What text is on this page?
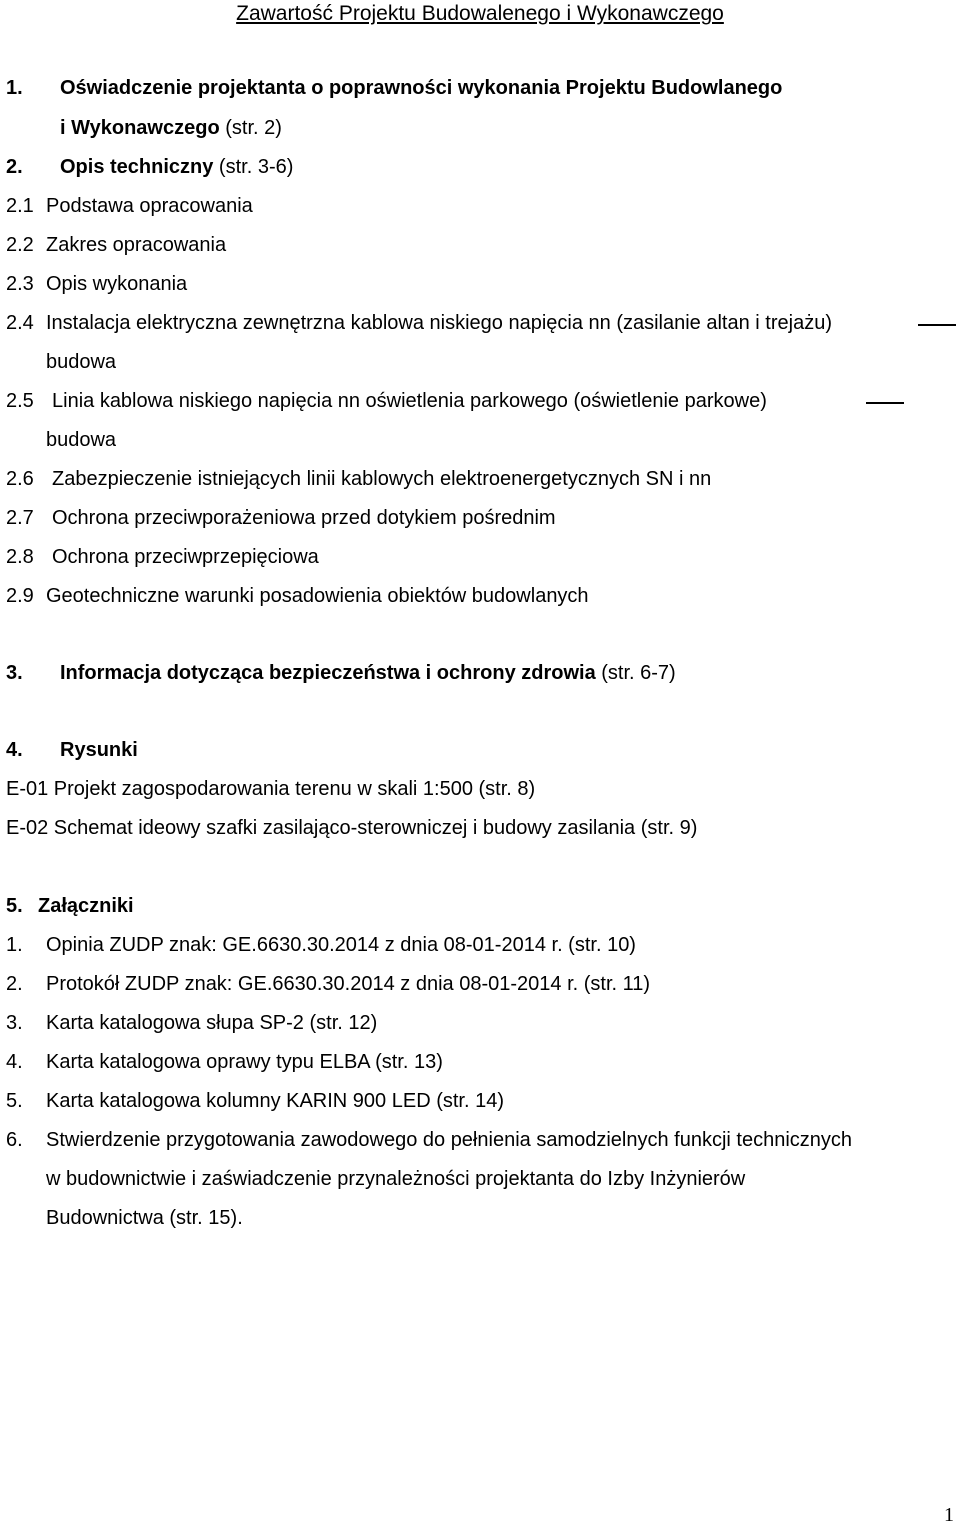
Zawartość Projektu Budowalenego i Wykonawczego
1. Oświadczenie projektanta o poprawności wykonania Projektu Budowlanego
i Wykonawczego (str. 2)
2. Opis techniczny (str. 3-6)
2.1 Podstawa opracowania
2.2 Zakres opracowania
2.3 Opis wykonania
2.4 Instalacja elektryczna zewnętrzna kablowa niskiego napięcia nn (zasilanie altan i trejażu)
budowa
2.5 Linia kablowa niskiego napięcia nn oświetlenia parkowego (oświetlenie parkowe)
budowa
2.6 Zabezpieczenie istniejących linii kablowych elektroenergetycznych SN i nn
2.7 Ochrona przeciwporażeniowa przed dotykiem pośrednim
2.8 Ochrona przeciwprzepięciowa
2.9 Geotechniczne warunki posadowienia obiektów budowlanych
3. Informacja dotycząca bezpieczeństwa i ochrony zdrowia (str. 6-7)
4. Rysunki
E-01 Projekt zagospodarowania terenu w skali 1:500 (str. 8)
E-02 Schemat ideowy szafki zasilająco-sterowniczej i budowy zasilania (str. 9)
5. Załączniki
1. Opinia ZUDP znak: GE.6630.30.2014 z dnia 08-01-2014 r. (str. 10)
2. Protokół ZUDP znak: GE.6630.30.2014 z dnia 08-01-2014 r. (str. 11)
3. Karta katalogowa słupa SP-2 (str. 12)
4. Karta katalogowa oprawy typu ELBA (str. 13)
5. Karta katalogowa kolumny KARIN 900 LED (str. 14)
6. Stwierdzenie przygotowania zawodowego do pełnienia samodzielnych funkcji technicznych
w budownictwie i zaświadczenie przynależności projektanta do Izby Inżynierów
Budownictwa (str. 15).
1
